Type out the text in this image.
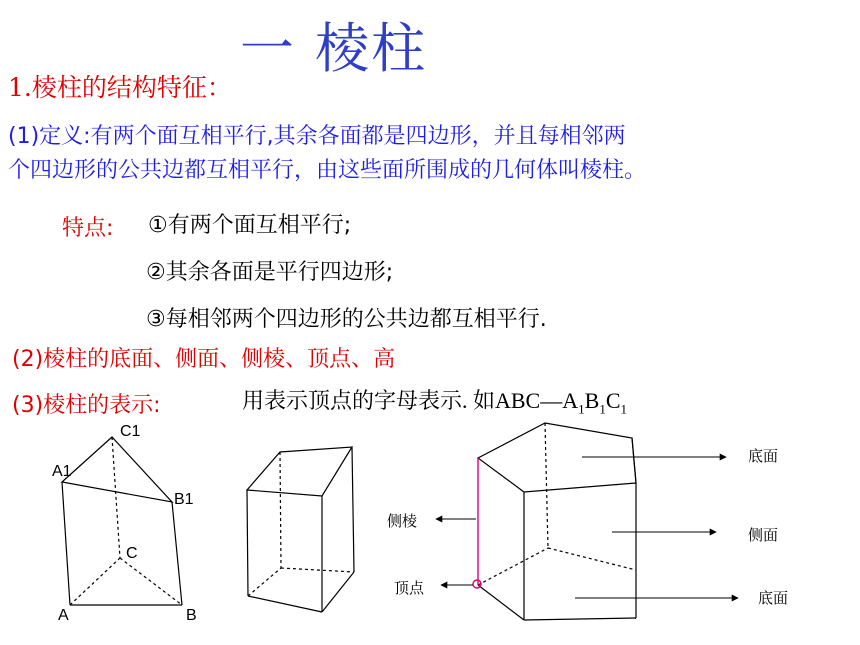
一 棱柱
1.棱柱的结构特征：
(1)定义:有两个面互相平行,其余各面都是四边形，并且每相邻两
个四边形的公共边都互相平行，由这些面所围成的几何体叫棱柱。
特点: ①有两个面互相平行;
②其余各面是平行四边形;
③每相邻两个四边形的公共边都互相平行.
(2)棱柱的底面、侧面、侧棱、顶点、高
(3)棱柱的表示:	用表示顶点的字母表示. 如$ABC—A_1B_1C_1$
C1
A1
B1
C
A	B
侧棱
顶点
底面
侧面
底面
